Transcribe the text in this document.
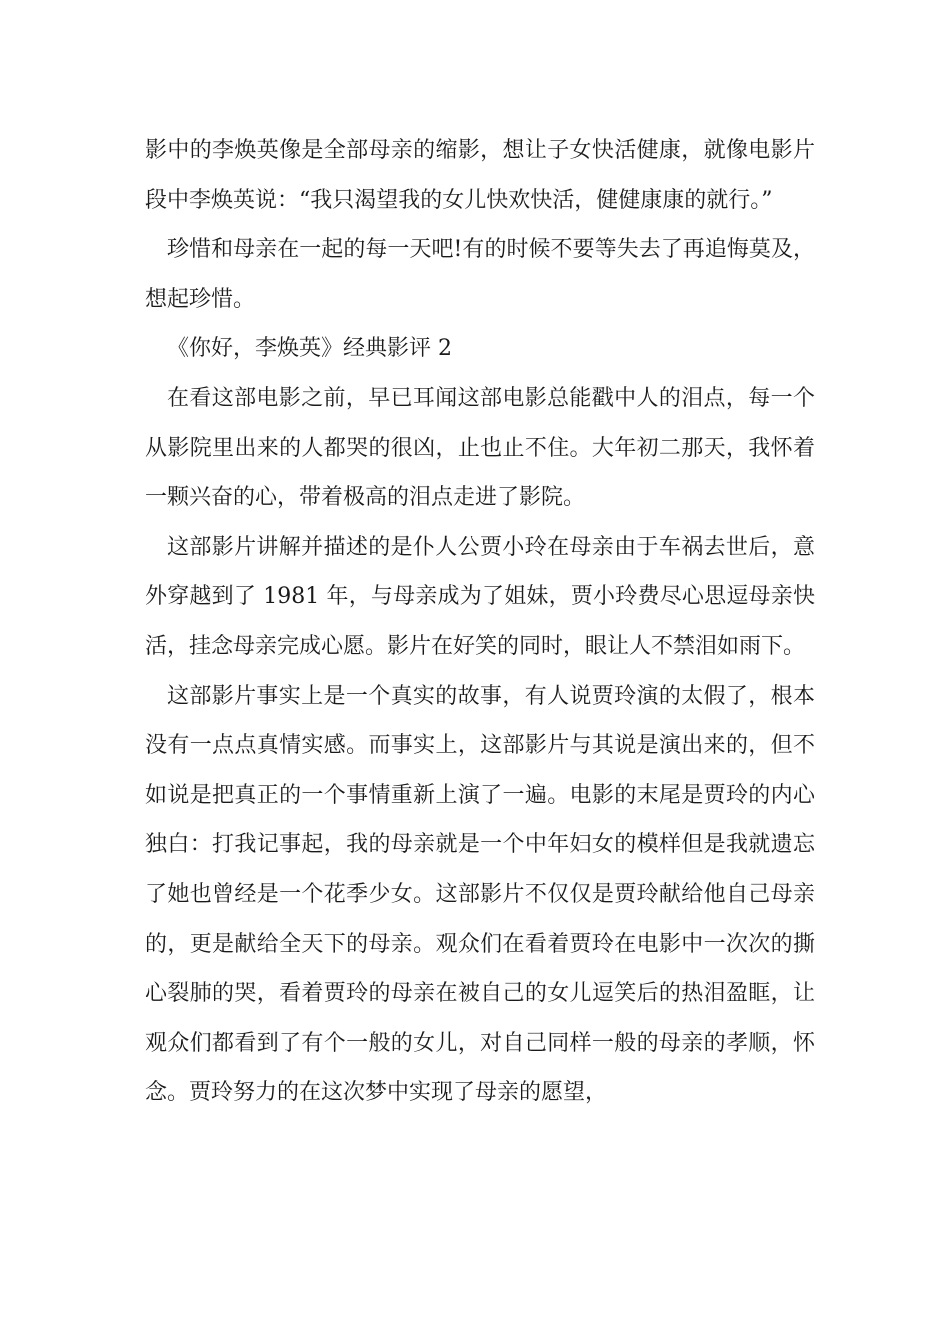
影中的李焕英像是全部母亲的缩影，想让子女快活健康，就像电影片段中李焕英说：“我只渴望我的女儿快欢快活，健健康康的就行。”

珍惜和母亲在一起的每一天吧!有的时候不要等失去了再追悔莫及，想起珍惜。

《你好，李焕英》经典影评 2

在看这部电影之前，早已耳闻这部电影总能戳中人的泪点，每一个从影院里出来的人都哭的很凶，止也止不住。大年初二那天，我怀着一颗兴奋的心，带着极高的泪点走进了影院。

这部影片讲解并描述的是仆人公贾小玲在母亲由于车祸去世后，意外穿越到了 1981 年，与母亲成为了姐妹，贾小玲费尽心思逗母亲快活，挂念母亲完成心愿。影片在好笑的同时，眼让人不禁泪如雨下。

这部影片事实上是一个真实的故事，有人说贾玲演的太假了，根本没有一点点真情实感。而事实上，这部影片与其说是演出来的，但不如说是把真正的一个事情重新上演了一遍。电影的末尾是贾玲的内心独白：打我记事起，我的母亲就是一个中年妇女的模样但是我就遗忘了她也曾经是一个花季少女。这部影片不仅仅是贾玲献给他自己母亲的，更是献给全天下的母亲。观众们在看着贾玲在电影中一次次的撕心裂肺的哭，看着贾玲的母亲在被自己的女儿逗笑后的热泪盈眶，让观众们都看到了有个一般的女儿，对自己同样一般的母亲的孝顺，怀念。贾玲努力的在这次梦中实现了母亲的愿望，
